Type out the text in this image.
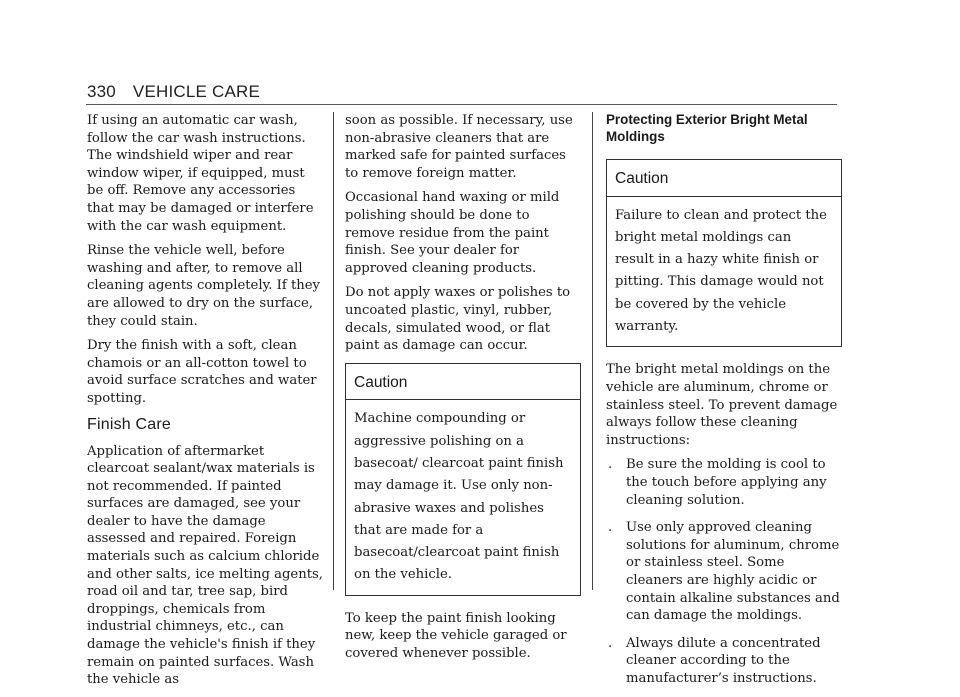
330 VEHICLE CARE

If using an automatic car wash, follow the car wash instructions. The windshield wiper and rear window wiper, if equipped, must be off. Remove any accessories that may be damaged or interfere with the car wash equipment.

Rinse the vehicle well, before washing and after, to remove all cleaning agents completely. If they are allowed to dry on the surface, they could stain.

Dry the finish with a soft, clean chamois or an all-cotton towel to avoid surface scratches and water spotting.

Finish Care

Application of aftermarket clearcoat sealant/wax materials is not recommended. If painted surfaces are damaged, see your dealer to have the damage assessed and repaired. Foreign materials such as calcium chloride and other salts, ice melting agents, road oil and tar, tree sap, bird droppings, chemicals from industrial chimneys, etc., can damage the vehicle's finish if they remain on painted surfaces. Wash the vehicle as

soon as possible. If necessary, use non-abrasive cleaners that are marked safe for painted surfaces to remove foreign matter.

Occasional hand waxing or mild polishing should be done to remove residue from the paint finish. See your dealer for approved cleaning products.

Do not apply waxes or polishes to uncoated plastic, vinyl, rubber, decals, simulated wood, or flat paint as damage can occur.

Caution
Machine compounding or aggressive polishing on a basecoat/ clearcoat paint finish may damage it. Use only non-abrasive waxes and polishes that are made for a basecoat/clearcoat paint finish on the vehicle.

To keep the paint finish looking new, keep the vehicle garaged or covered whenever possible.

Protecting Exterior Bright Metal Moldings
Caution
Failure to clean and protect the bright metal moldings can result in a hazy white finish or pitting. This damage would not be covered by the vehicle warranty.

The bright metal moldings on the vehicle are aluminum, chrome or stainless steel. To prevent damage always follow these cleaning instructions:

. Be sure the molding is cool to the touch before applying any cleaning solution.
. Use only approved cleaning solutions for aluminum, chrome or stainless steel. Some cleaners are highly acidic or contain alkaline substances and can damage the moldings.
. Always dilute a concentrated cleaner according to the manufacturer’s instructions.
